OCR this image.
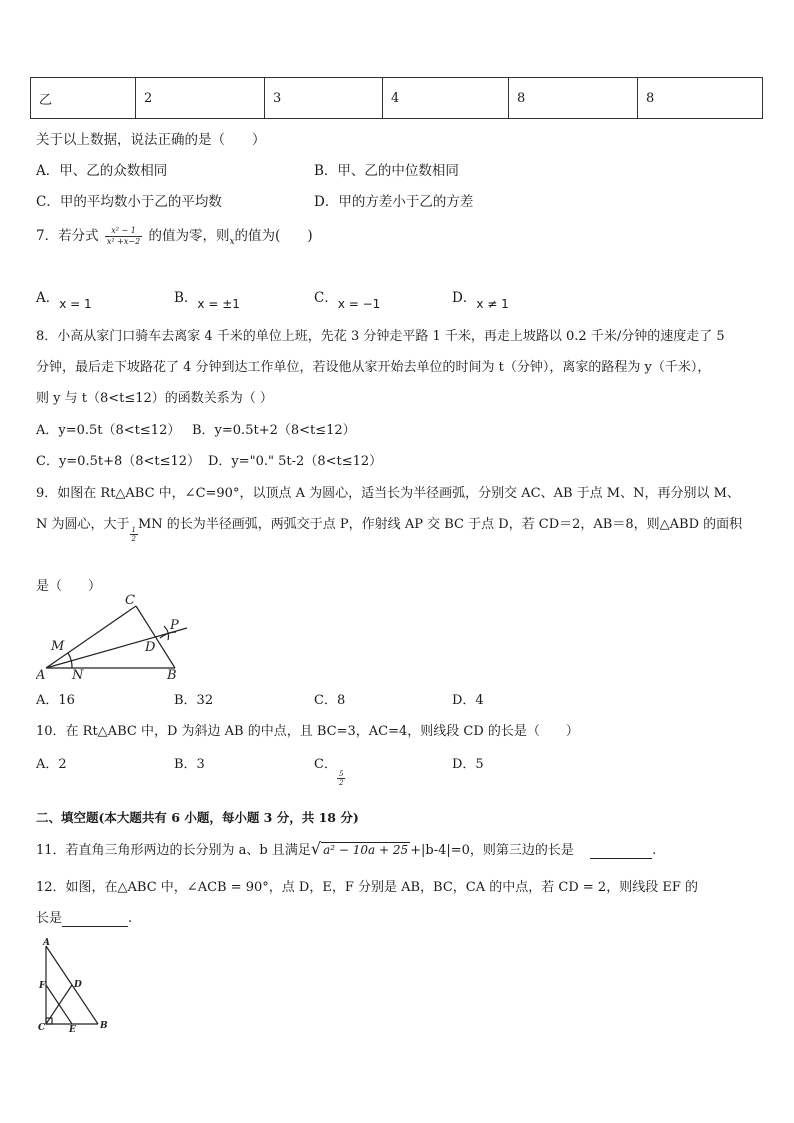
乙	2	3	4	8	8
关于以上数据，说法正确的是（　　）
A．甲、乙的众数相同	B．甲、乙的中位数相同
C．甲的平均数小于乙的平均数	D．甲的方差小于乙的方差
7．若分式 $\frac{\text{x² − 1}}{\text{x² +x−2}}$ 的值为零，则$_x$的值为(　　)
A．x = 1	B．x = ±1	C．x = −1	D．x ≠ 1
8．小高从家门口骑车去离家 4 千米的单位上班，先花 3 分钟走平路 1 千米，再走上坡路以 0.2 千米/分钟的速度走了 5
分钟，最后走下坡路花了 4 分钟到达工作单位，若设他从家开始去单位的时间为 t（分钟），离家的路程为 y（千米），
则 y 与 t（8<t≤12）的函数关系为（ ）
A．y=0.5t（8<t≤12） B．y=0.5t+2（8<t≤12）
C．y=0.5t+8（8<t≤12） D．y="0." 5t-2（8<t≤12）
9．如图在 Rt△ABC 中，∠C=90°，以顶点 A 为圆心，适当长为半径画弧，分别交 AC、AB 于点 M、N，再分别以 M、
N 为圆心，大于
$\frac{1}{2}$
MN 的长为半径画弧，两弧交于点 P，作射线 AP 交 BC 于点 D，若 CD＝2，AB＝8，则△ABD 的面积
是（　　）
C
P
M	D
A N	B
A．16	B．32	C．8	D．4
10．在 Rt△ABC 中，D 为斜边 AB 的中点，且 BC=3，AC=4，则线段 CD 的长是（　　）
A．2	B．3	C．
$\frac{5}{2}$
D．5
二、填空题(本大题共有 6 小题，每小题 3 分，共 18 分)
11．若直角三角形两边的长分别为 a、b 且满足√ a² − 10a + 25 +|b-4|=0，则第三边的长是	.
12．如图，在△ABC 中，∠ACB = 90°，点 D，E，F 分别是 AB，BC，CA 的中点，若 CD = 2，则线段 EF 的
长是	.
A
F	D
C	E	B
